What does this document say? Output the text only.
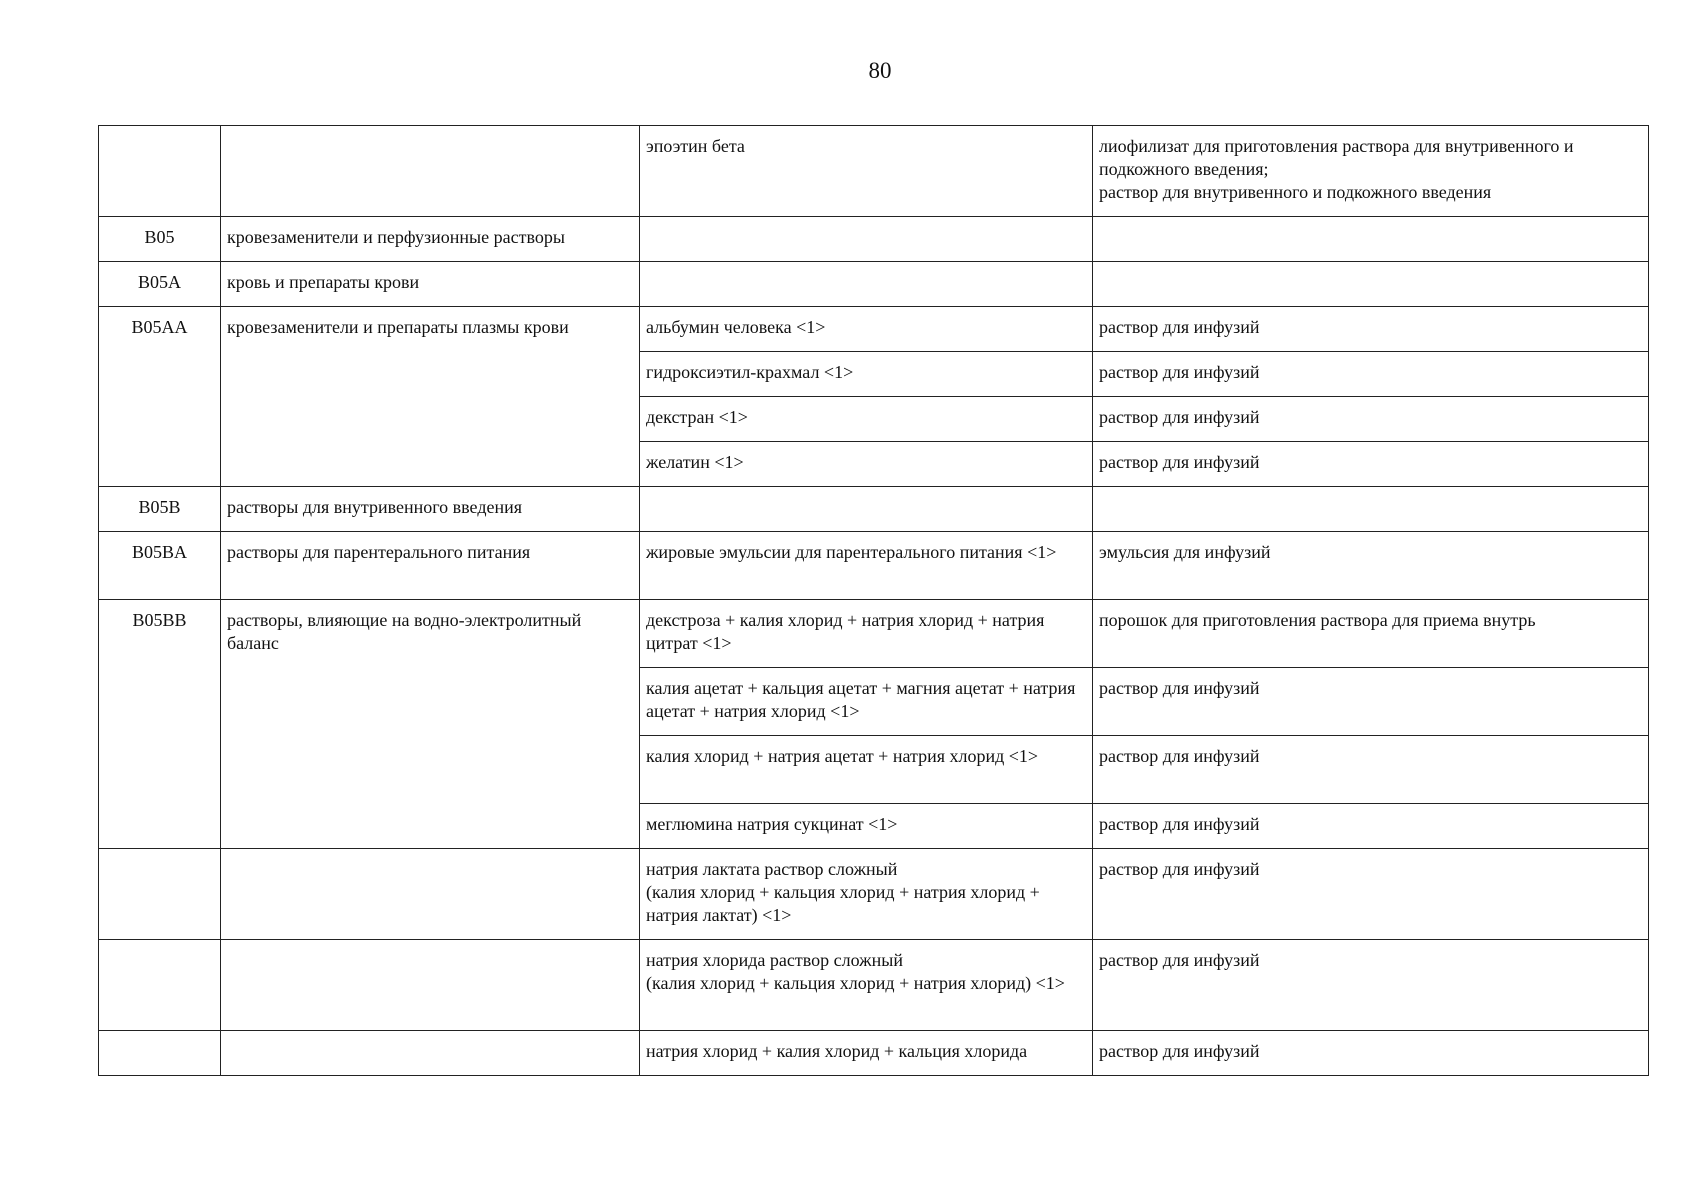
80
		эпоэтин бета	лиофилизат для приготовления раствора для внутривенного и подкожного введения;
раствор для внутривенного и подкожного введения
B05	кровезаменители и перфузионные растворы		
B05A	кровь и препараты крови		
B05AA	кровезаменители и препараты плазмы крови	альбумин человека <1>	раствор для инфузий
		гидроксиэтил-крахмал <1>	раствор для инфузий
		декстран <1>	раствор для инфузий
		желатин <1>	раствор для инфузий
B05B	растворы для внутривенного введения		
B05BA	растворы для парентерального питания	жировые эмульсии для парентерального питания <1>	эмульсия для инфузий
B05BB	растворы, влияющие на водно-электролитный баланс	декстроза + калия хлорид + натрия хлорид + натрия цитрат <1>	порошок для приготовления раствора для приема внутрь
		калия ацетат + кальция ацетат + магния ацетат + натрия ацетат + натрия хлорид <1>	раствор для инфузий
		калия хлорид + натрия ацетат + натрия хлорид <1>	раствор для инфузий
		меглюмина натрия сукцинат <1>	раствор для инфузий
		натрия лактата раствор сложный
(калия хлорид + кальция хлорид + натрия хлорид + натрия лактат) <1>	раствор для инфузий
		натрия хлорида раствор сложный
(калия хлорид + кальция хлорид + натрия хлорид) <1>	раствор для инфузий
		натрия хлорид + калия хлорид + кальция хлорида	раствор для инфузий
